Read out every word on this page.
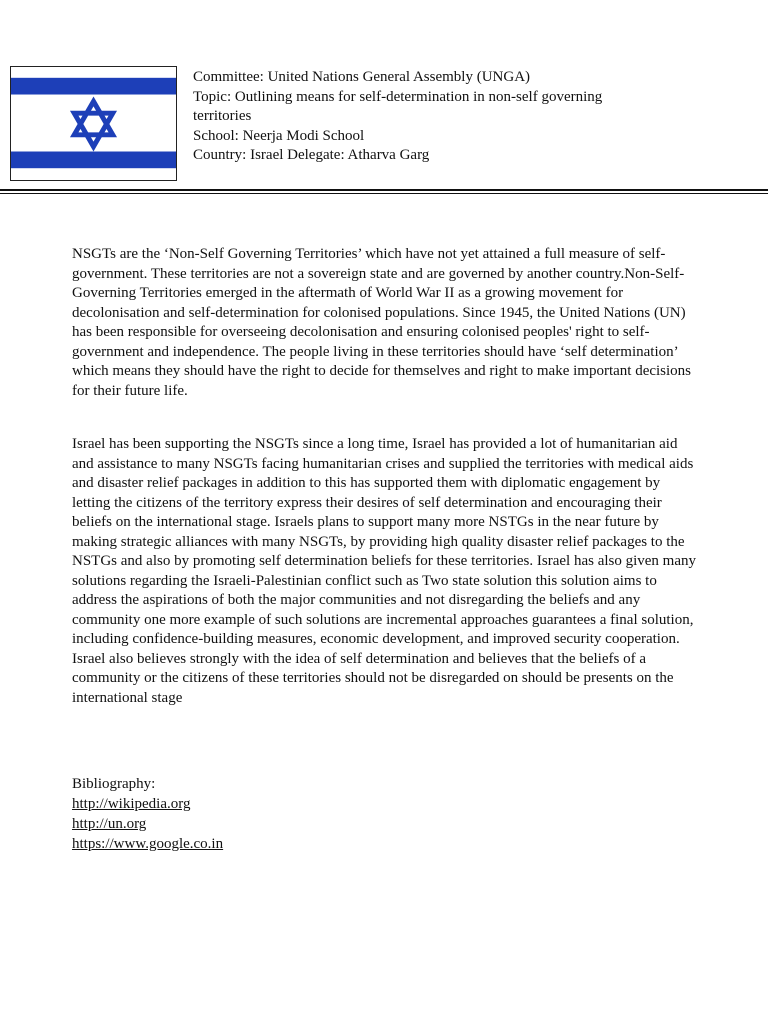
Committee: United Nations General Assembly (UNGA)
Topic: Outlining means for self-determination in non-self governing
territories
School: Neerja Modi School
Country: Israel Delegate: Atharva Garg

NSGTs are the ‘Non-Self Governing Territories’ which have not yet attained a full measure of self-government. These territories are not a sovereign state and are governed by another country.Non-Self-Governing Territories emerged in the aftermath of World War II as a growing movement for decolonisation and self-determination for colonised populations. Since 1945, the United Nations (UN) has been responsible for overseeing decolonisation and ensuring colonised peoples' right to self-government and independence. The people living in these territories should have ‘self determination’ which means they should have the right to decide for themselves and right to make important decisions for their future life.

Israel has been supporting the NSGTs since a long time, Israel has provided a lot of humanitarian aid and assistance to many NSGTs facing humanitarian crises and supplied the territories with medical aids and disaster relief packages in addition to this has supported them with diplomatic engagement by letting the citizens of the territory express their desires of self determination and encouraging their beliefs on the international stage. Israels plans to support many more NSTGs in the near future by making strategic alliances with many NSGTs, by providing high quality disaster relief packages to the NSTGs and also by promoting self determination beliefs for these territories. Israel has also given many solutions regarding the Israeli-Palestinian conflict such as Two state solution this solution aims to address the aspirations of both the major communities and not disregarding the beliefs and any community one more example of such solutions are incremental approaches guarantees a final solution, including confidence-building measures, economic development, and improved security cooperation. Israel also believes strongly with the idea of self determination and believes that the beliefs of a community or the citizens of these territories should not be disregarded on should be presents on the international stage

Bibliography:
http://wikipedia.org
http://un.org
https://www.google.co.in
